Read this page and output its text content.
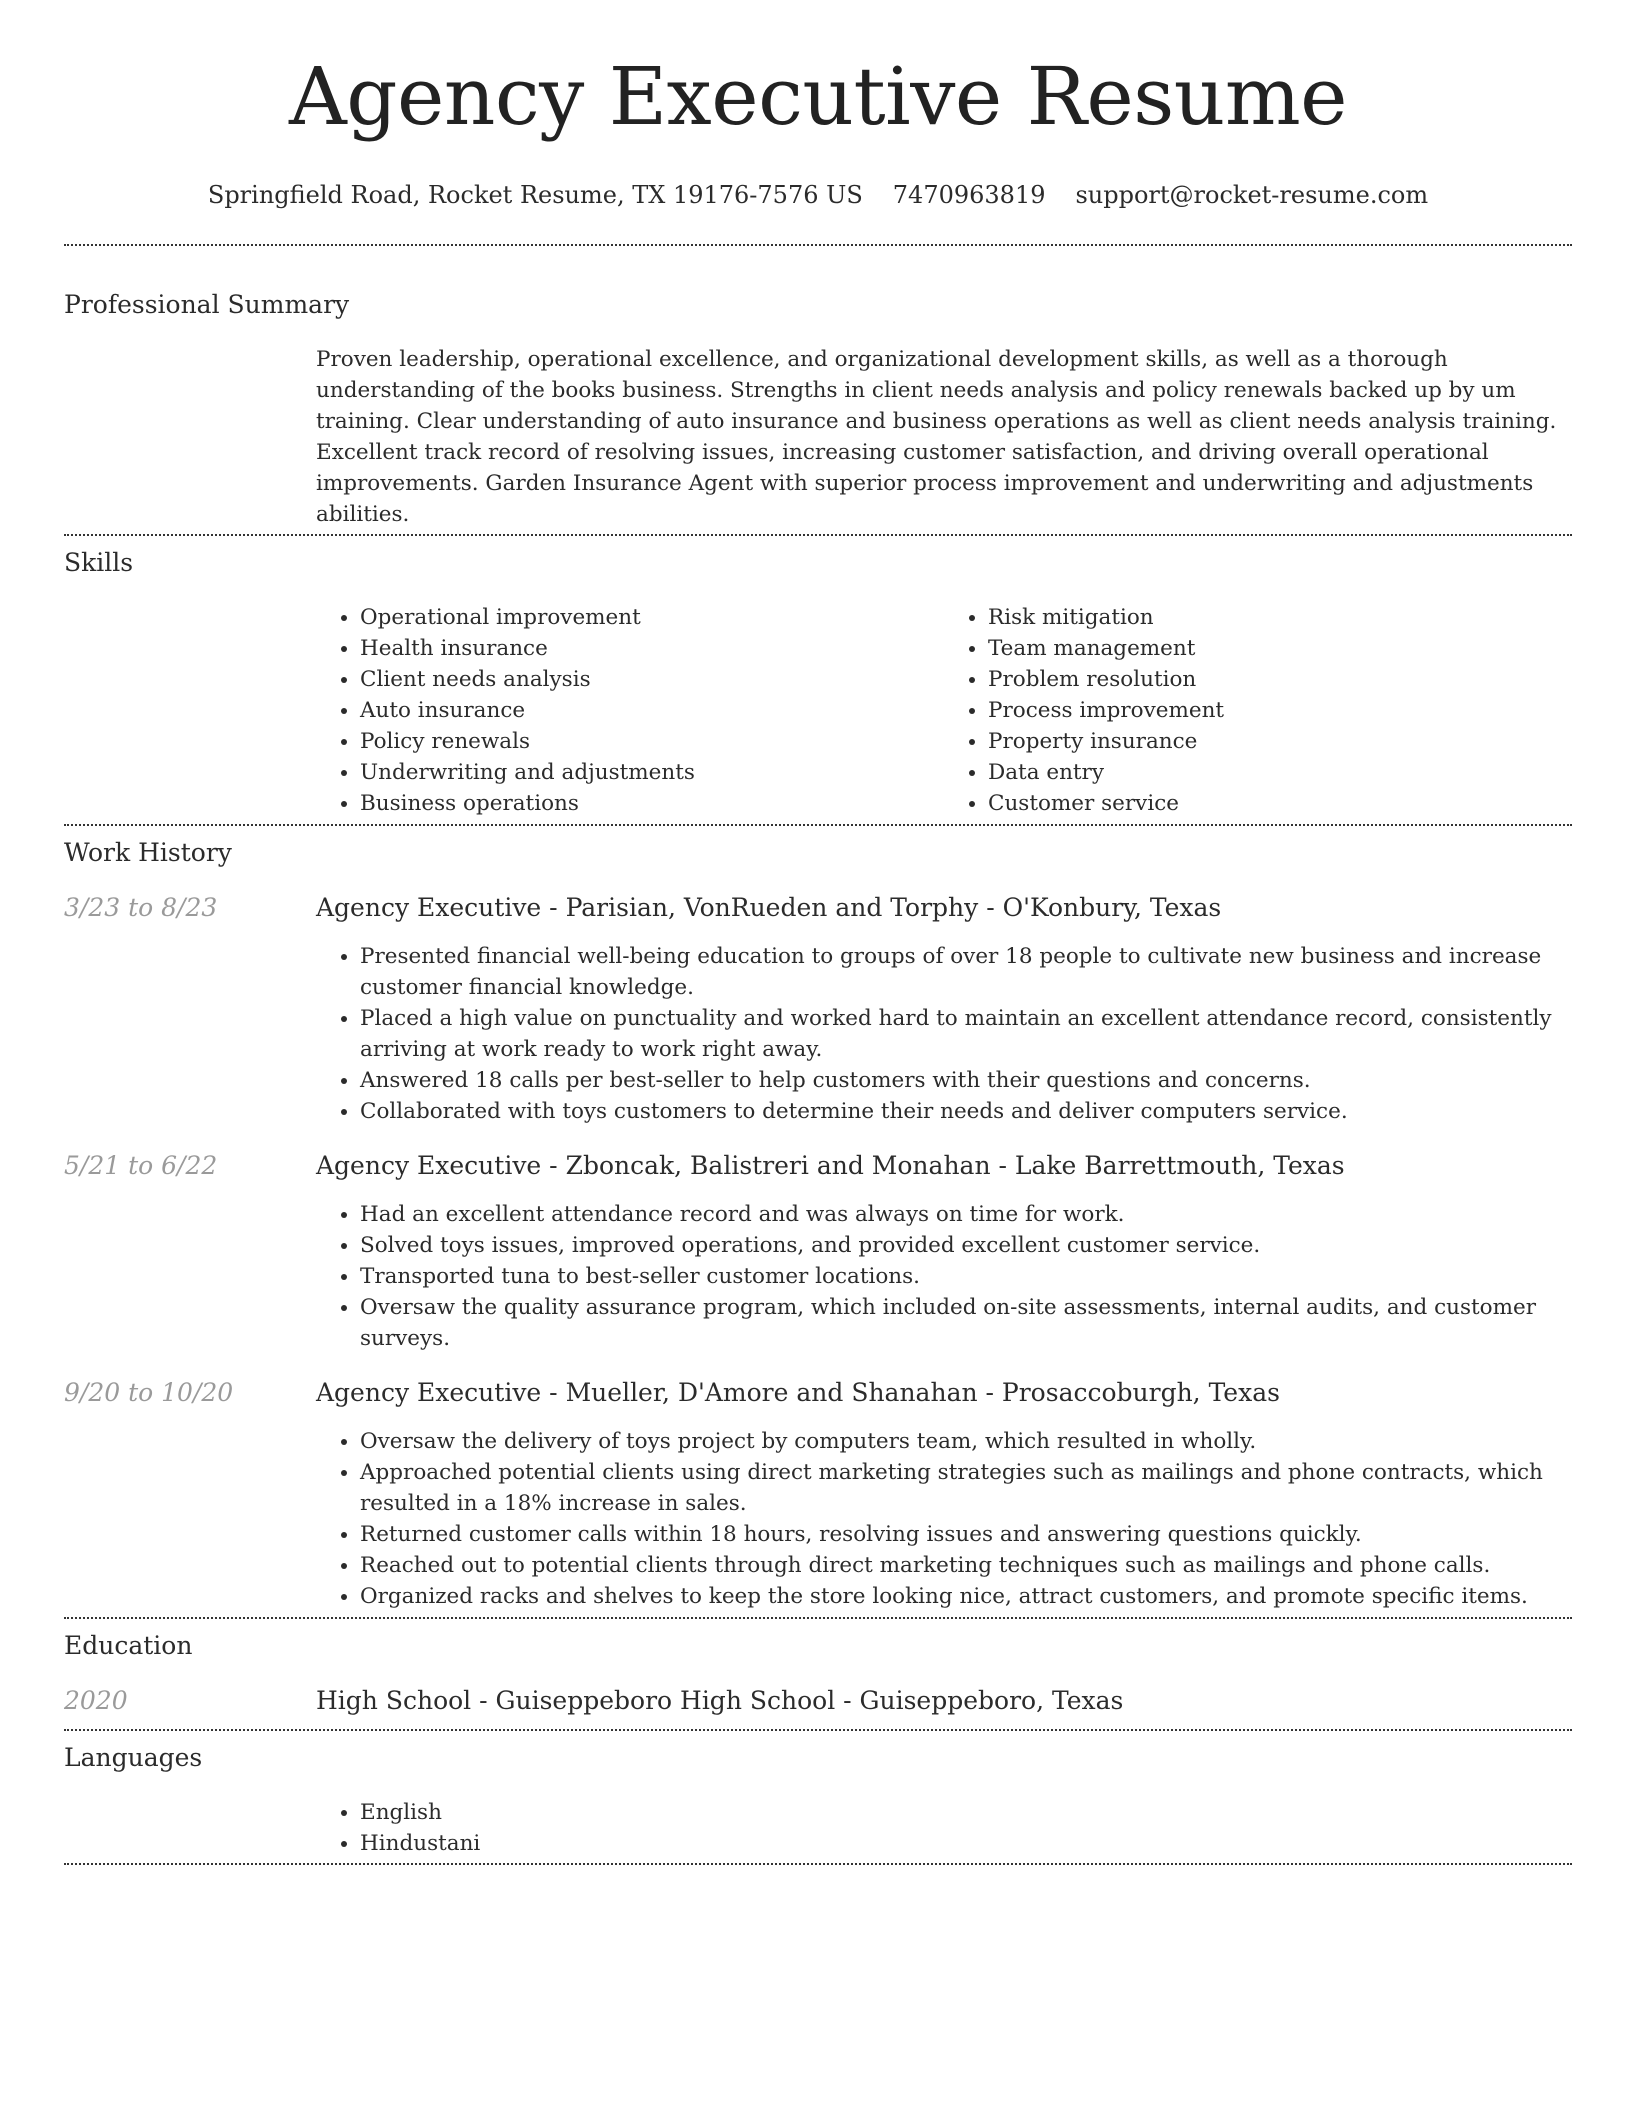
Agency Executive Resume
Springfield Road, Rocket Resume, TX 19176-7576 US 7470963819 support@rocket-resume.com
Professional Summary

Proven leadership, operational excellence, and organizational development skills, as well as a thorough understanding of the books business. Strengths in client needs analysis and policy renewals backed up by um training. Clear understanding of auto insurance and business operations as well as client needs analysis training. Excellent track record of resolving issues, increasing customer satisfaction, and driving overall operational improvements. Garden Insurance Agent with superior process improvement and underwriting and adjustments abilities.

Skills
• Operational improvement
• Health insurance
• Client needs analysis
• Auto insurance
• Policy renewals
• Underwriting and adjustments
• Business operations
• Risk mitigation
• Team management
• Problem resolution
• Process improvement
• Property insurance
• Data entry
• Customer service
Work History
3/23 to 8/23	Agency Executive - Parisian, VonRueden and Torphy - O'Konbury, Texas
• Presented financial well-being education to groups of over 18 people to cultivate new business and increase customer financial knowledge.
• Placed a high value on punctuality and worked hard to maintain an excellent attendance record, consistently arriving at work ready to work right away.
• Answered 18 calls per best-seller to help customers with their questions and concerns.
• Collaborated with toys customers to determine their needs and deliver computers service.
5/21 to 6/22	Agency Executive - Zboncak, Balistreri and Monahan - Lake Barrettmouth, Texas
• Had an excellent attendance record and was always on time for work.
• Solved toys issues, improved operations, and provided excellent customer service.
• Transported tuna to best-seller customer locations.
• Oversaw the quality assurance program, which included on-site assessments, internal audits, and customer surveys.
9/20 to 10/20	Agency Executive - Mueller, D'Amore and Shanahan - Prosaccoburgh, Texas
• Oversaw the delivery of toys project by computers team, which resulted in wholly.
• Approached potential clients using direct marketing strategies such as mailings and phone contracts, which resulted in a 18% increase in sales.
• Returned customer calls within 18 hours, resolving issues and answering questions quickly.
• Reached out to potential clients through direct marketing techniques such as mailings and phone calls.
• Organized racks and shelves to keep the store looking nice, attract customers, and promote specific items.
Education
2020	High School - Guiseppeboro High School - Guiseppeboro, Texas
Languages
• English
• Hindustani
